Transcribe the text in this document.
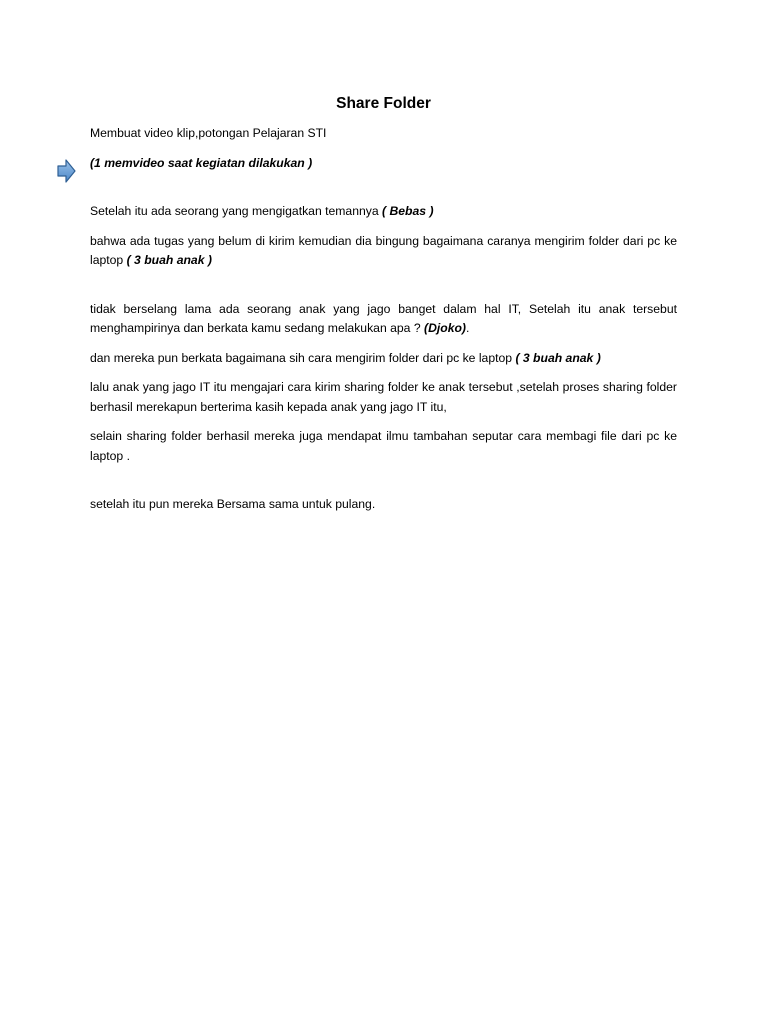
Share Folder

Membuat video klip,potongan Pelajaran STI

(1 memvideo saat kegiatan dilakukan )

Setelah itu ada seorang yang mengigatkan temannya ( Bebas )

bahwa ada tugas yang belum di kirim kemudian dia bingung bagaimana caranya mengirim folder dari pc ke laptop ( 3 buah anak )

tidak berselang lama ada seorang anak yang jago banget dalam hal IT, Setelah itu anak tersebut menghampirinya dan berkata kamu sedang melakukan apa ? (Djoko).

dan mereka pun berkata bagaimana sih cara mengirim folder dari pc ke laptop ( 3 buah anak )

lalu anak yang jago IT itu mengajari cara kirim sharing folder ke anak tersebut ,setelah proses sharing folder berhasil merekapun berterima kasih kepada anak yang jago IT itu,

selain sharing folder berhasil mereka juga mendapat ilmu tambahan seputar cara membagi file dari pc ke laptop .

setelah itu pun mereka Bersama sama untuk pulang.
